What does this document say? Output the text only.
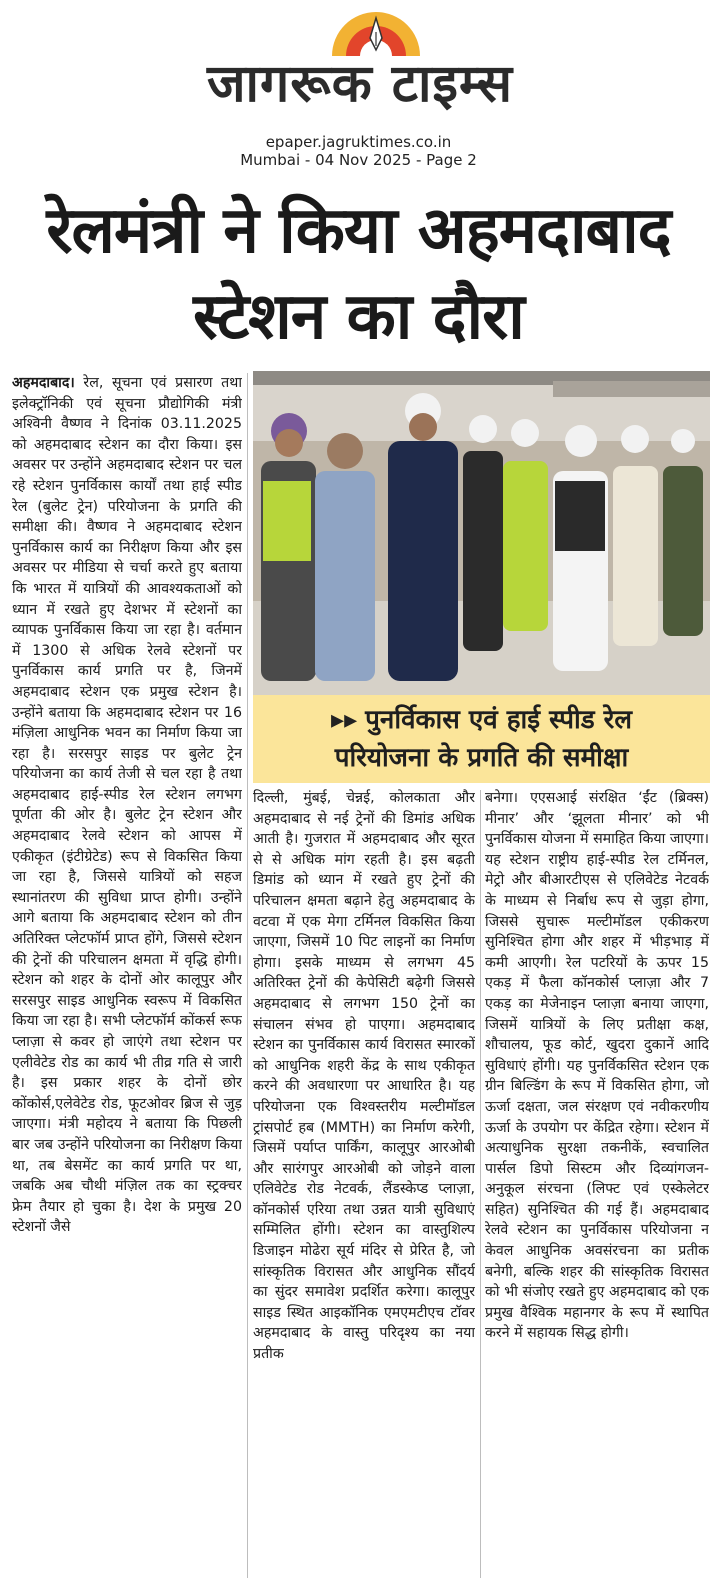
जागरूक टाइम्स
epaper.jagruktimes.co.in
Mumbai - 04 Nov 2025 - Page 2
रेलमंत्री ने किया अहमदाबाद
स्टेशन का दौरा
अहमदाबाद। रेल, सूचना एवं प्रसारण तथा इलेक्ट्रॉनिकी एवं सूचना प्रौद्योगिकी मंत्री अश्विनी वैष्णव ने दिनांक 03.11.2025 को अहमदाबाद स्टेशन का दौरा किया। इस अवसर पर उन्होंने अहमदाबाद स्टेशन पर चल रहे स्टेशन पुनर्विकास कार्यों तथा हाई स्पीड रेल (बुलेट ट्रेन) परियोजना के प्रगति की समीक्षा की। वैष्णव ने अहमदाबाद स्टेशन पुनर्विकास कार्य का निरीक्षण किया और इस अवसर पर मीडिया से चर्चा करते हुए बताया कि भारत में यात्रियों की आवश्यकताओं को ध्यान में रखते हुए देशभर में स्टेशनों का व्यापक पुनर्विकास किया जा रहा है। वर्तमान में 1300 से अधिक रेलवे स्टेशनों पर पुनर्विकास कार्य प्रगति पर है, जिनमें अहमदाबाद स्टेशन एक प्रमुख स्टेशन है। उन्होंने बताया कि अहमदाबाद स्टेशन पर 16 मंज़िला आधुनिक भवन का निर्माण किया जा रहा है। सरसपुर साइड पर बुलेट ट्रेन परियोजना का कार्य तेजी से चल रहा है तथा अहमदाबाद हाई-स्पीड रेल स्टेशन लगभग पूर्णता की ओर है। बुलेट ट्रेन स्टेशन और अहमदाबाद रेलवे स्टेशन को आपस में एकीकृत (इंटीग्रेटेड) रूप से विकसित किया जा रहा है, जिससे यात्रियों को सहज स्थानांतरण की सुविधा प्राप्त होगी। उन्होंने आगे बताया कि अहमदाबाद स्टेशन को तीन अतिरिक्त प्लेटफॉर्म प्राप्त होंगे, जिससे स्टेशन की ट्रेनों की परिचालन क्षमता में वृद्धि होगी। स्टेशन को शहर के दोनों ओर कालूपुर और सरसपुर साइड आधुनिक स्वरूप में विकसित किया जा रहा है। सभी प्लेटफॉर्म कोंकर्स रूफ प्लाज़ा से कवर हो जाएंगे तथा स्टेशन पर एलीवेटेड रोड का कार्य भी तीव्र गति से जारी है। इस प्रकार शहर के दोनों छोर कोंकोर्स,एलेवेटेड रोड, फूटओवर ब्रिज से जुड़ जाएगा। मंत्री महोदय ने बताया कि पिछली बार जब उन्होंने परियोजना का निरीक्षण किया था, तब बेसमेंट का कार्य प्रगति पर था, जबकि अब चौथी मंज़िल तक का स्ट्रक्चर फ्रेम तैयार हो चुका है। देश के प्रमुख 20 स्टेशनों जैसे
▸▸ पुनर्विकास एवं हाई स्पीड रेल
परियोजना के प्रगति की समीक्षा
दिल्ली, मुंबई, चेन्नई, कोलकाता और अहमदाबाद से नई ट्रेनों की डिमांड अधिक आती है। गुजरात में अहमदाबाद और सूरत से से अधिक मांग रहती है। इस बढ़ती डिमांड को ध्यान में रखते हुए ट्रेनों की परिचालन क्षमता बढ़ाने हेतु अहमदाबाद के वटवा में एक मेगा टर्मिनल विकसित किया जाएगा, जिसमें 10 पिट लाइनों का निर्माण होगा। इसके माध्यम से लगभग 45 अतिरिक्त ट्रेनों की केपेसिटी बढ़ेगी जिससे अहमदाबाद से लगभग 150 ट्रेनों का संचालन संभव हो पाएगा। अहमदाबाद स्टेशन का पुनर्विकास कार्य विरासत स्मारकों को आधुनिक शहरी केंद्र के साथ एकीकृत करने की अवधारणा पर आधारित है। यह परियोजना एक विश्वस्तरीय मल्टीमॉडल ट्रांसपोर्ट हब (MMTH) का निर्माण करेगी, जिसमें पर्याप्त पार्किंग, कालूपुर आरओबी और सारंगपुर आरओबी को जोड़ने वाला एलिवेटेड रोड नेटवर्क, लैंडस्केप्ड प्लाज़ा, कॉनकोर्स एरिया तथा उन्नत यात्री सुविधाएं सम्मिलित होंगी। स्टेशन का वास्तुशिल्प डिजाइन मोढेरा सूर्य मंदिर से प्रेरित है, जो सांस्कृतिक विरासत और आधुनिक सौंदर्य का सुंदर समावेश प्रदर्शित करेगा। कालूपुर साइड स्थित आइकॉनिक एमएमटीएच टॉवर अहमदाबाद के वास्तु परिदृश्य का नया प्रतीक
बनेगा। एएसआई संरक्षित ‘ईंट (ब्रिक्स) मीनार’ और ‘झूलता मीनार’ को भी पुनर्विकास योजना में समाहित किया जाएगा। यह स्टेशन राष्ट्रीय हाई-स्पीड रेल टर्मिनल, मेट्रो और बीआरटीएस से एलिवेटेड नेटवर्क के माध्यम से निर्बाध रूप से जुड़ा होगा, जिससे सुचारू मल्टीमॉडल एकीकरण सुनिश्चित होगा और शहर में भीड़भाड़ में कमी आएगी। रेल पटरियों के ऊपर 15 एकड़ में फैला कॉनकोर्स प्लाज़ा और 7 एकड़ का मेजेनाइन प्लाज़ा बनाया जाएगा, जिसमें यात्रियों के लिए प्रतीक्षा कक्ष, शौचालय, फूड कोर्ट, खुदरा दुकानें आदि सुविधाएं होंगी। यह पुनर्विकसित स्टेशन एक ग्रीन बिल्डिंग के रूप में विकसित होगा, जो ऊर्जा दक्षता, जल संरक्षण एवं नवीकरणीय ऊर्जा के उपयोग पर केंद्रित रहेगा। स्टेशन में अत्याधुनिक सुरक्षा तकनीकें, स्वचालित पार्सल डिपो सिस्टम और दिव्यांगजन-अनुकूल संरचना (लिफ्ट एवं एस्केलेटर सहित) सुनिश्चित की गई हैं। अहमदाबाद रेलवे स्टेशन का पुनर्विकास परियोजना न केवल आधुनिक अवसंरचना का प्रतीक बनेगी, बल्कि शहर की सांस्कृतिक विरासत को भी संजोए रखते हुए अहमदाबाद को एक प्रमुख वैश्विक महानगर के रूप में स्थापित करने में सहायक सिद्ध होगी।
